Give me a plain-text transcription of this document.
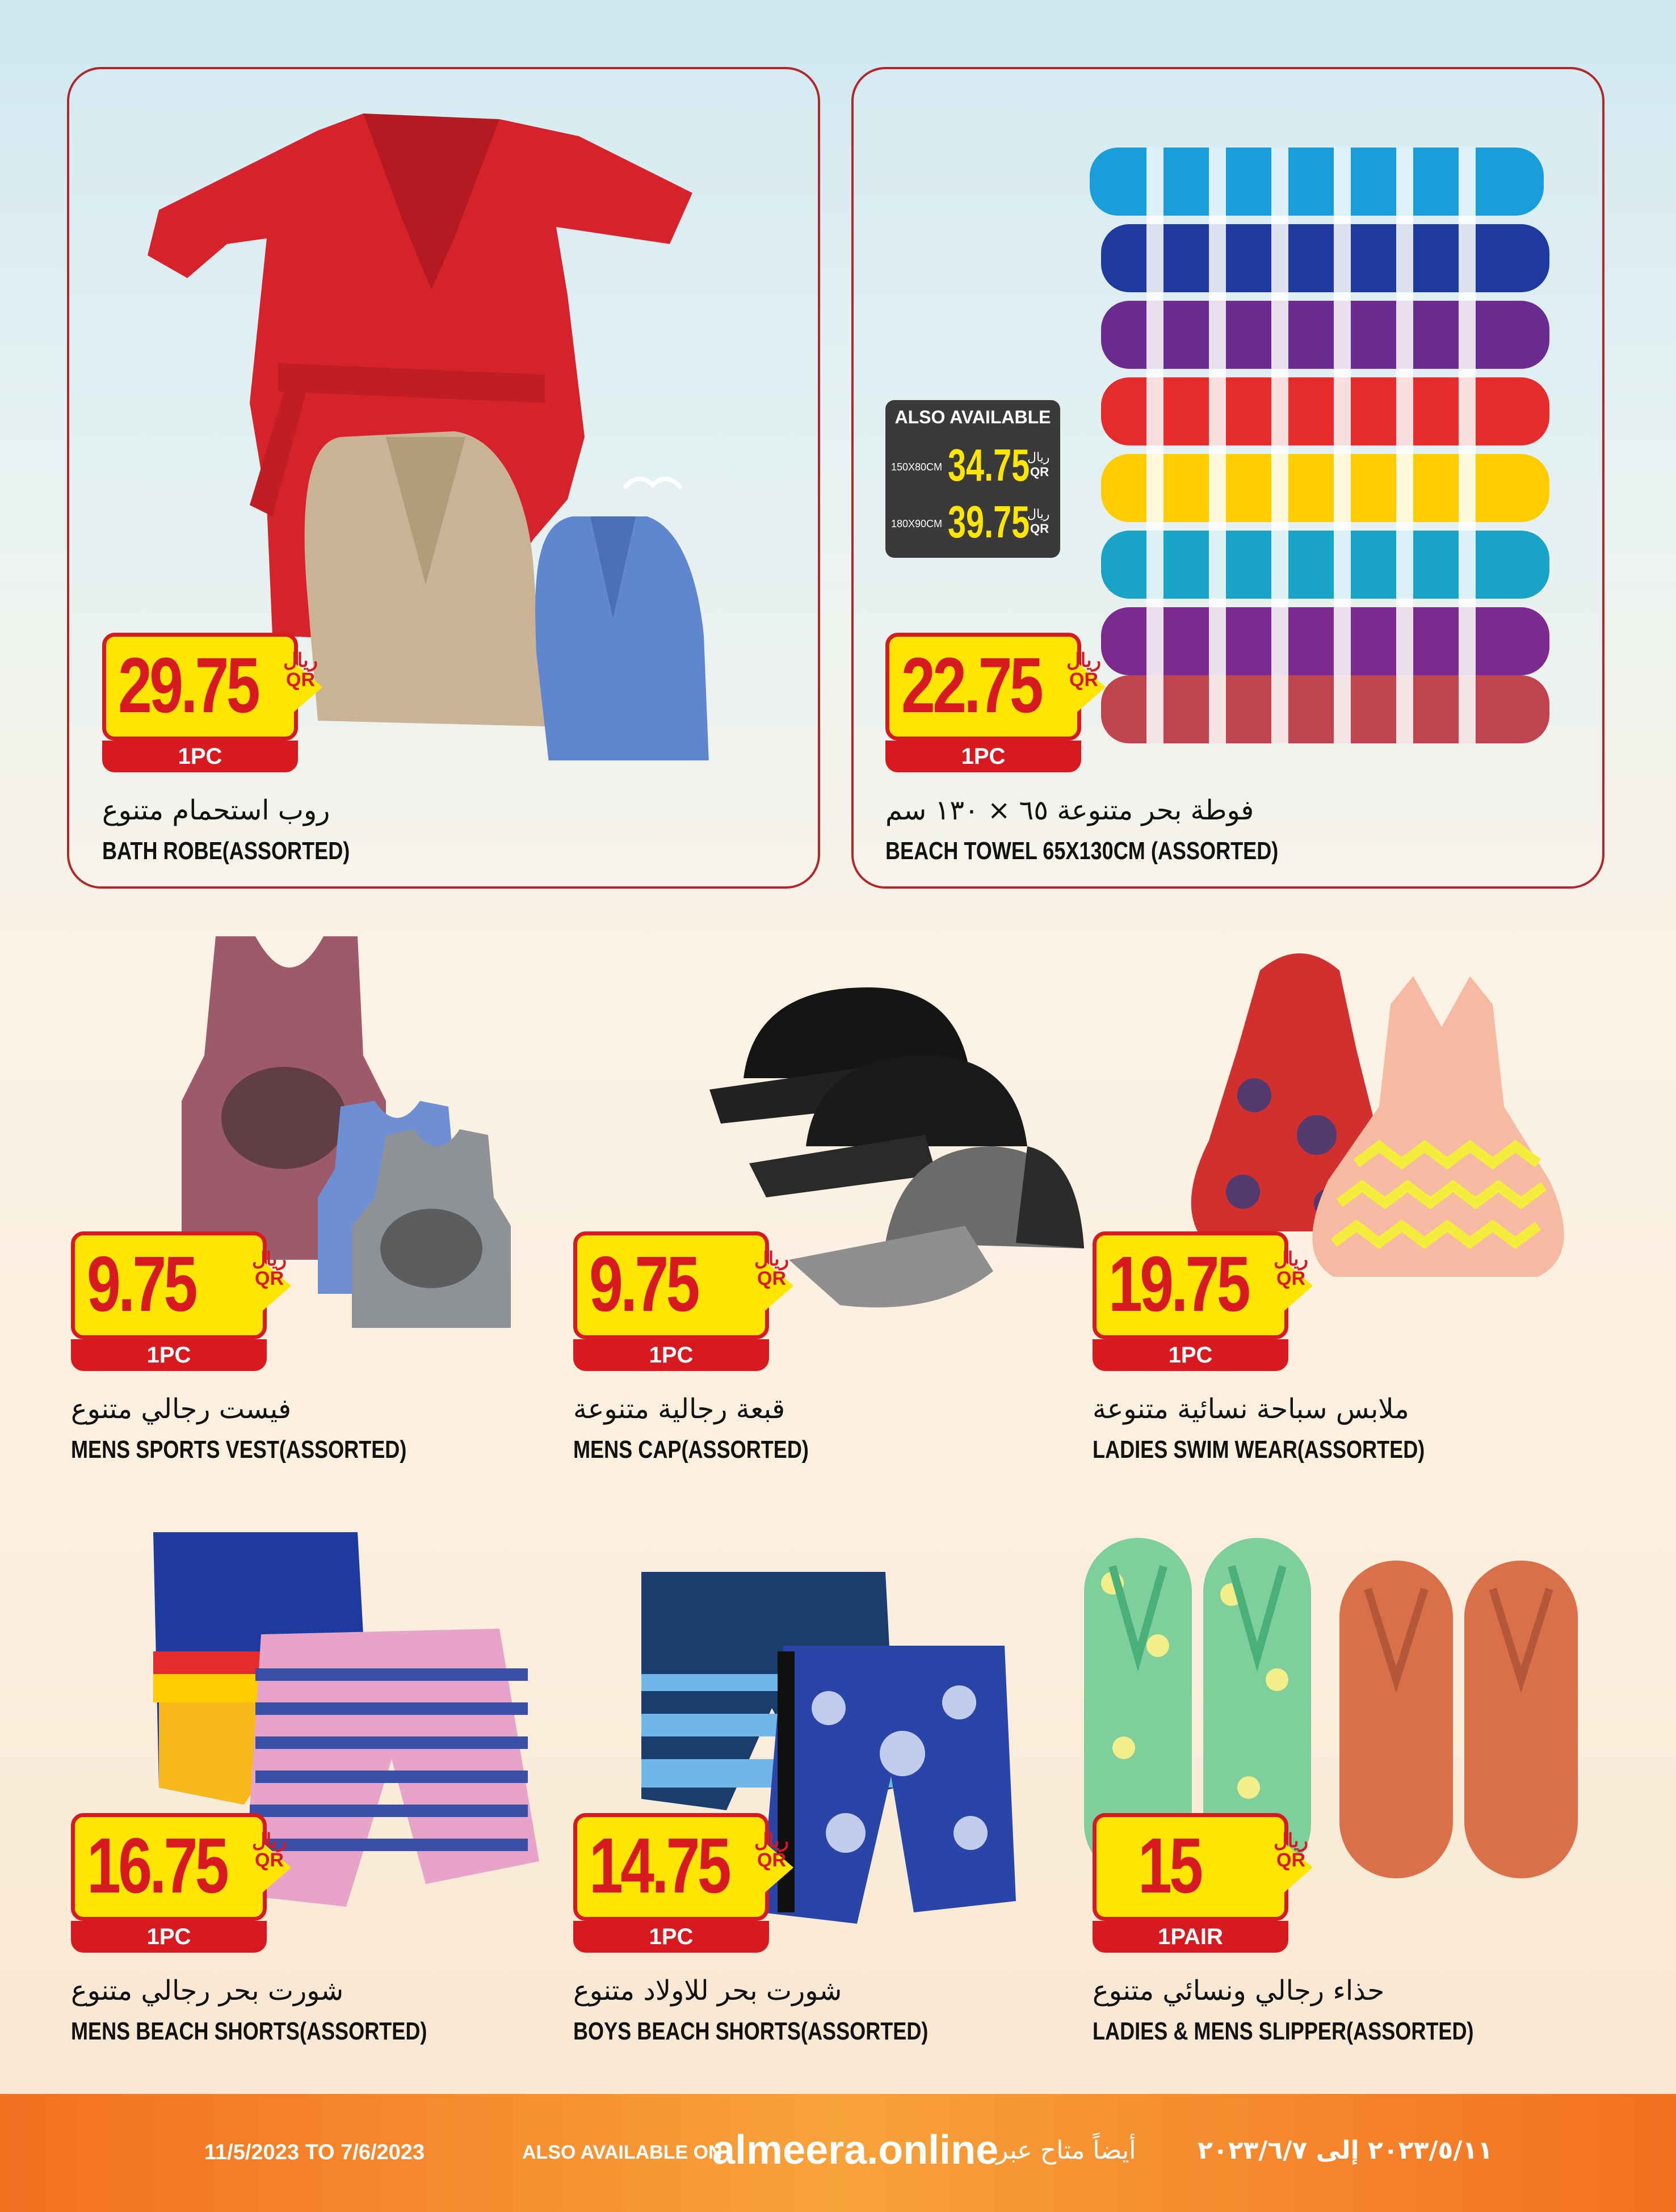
ALSO AVAILABLE
150X80CM 34.75
ريال
QR
180X90CM 39.75
ريال
QR
29.75 ريال
QR
1PC
روب استحمام متنوع
BATH ROBE(ASSORTED)
22.75 ريال
QR
1PC
فوطة بحر متنوعة ٦٥ × ١٣٠ سم
BEACH TOWEL 65X130CM (ASSORTED)
9.75	ريال
QR
1PC
فيست رجالي متنوع
MENS SPORTS VEST(ASSORTED)
9.75	ريال
QR
1PC
قبعة رجالية متنوعة
MENS CAP(ASSORTED)
19.75 ريال
QR
1PC
ملابس سباحة نسائية متنوعة
LADIES SWIM WEAR(ASSORTED)
16.75 ريال
QR
1PC
شورت بحر رجالي متنوع
MENS BEACH SHORTS(ASSORTED)
14.75 ريال
QR
1PC
شورت بحر للاولاد متنوع
BOYS BEACH SHORTS(ASSORTED)
15	ريال
QR
1PAIR
حذاء رجالي ونسائي متنوع
LADIES & MENS SLIPPER(ASSORTED)
11/5/2023 TO 7/6/2023	ALSO AVAILABLE ON
almeera.online
أيضاً متاح عبر ٢٠٢٣/٥/١١ إلى ٢٠٢٣/٦/٧
